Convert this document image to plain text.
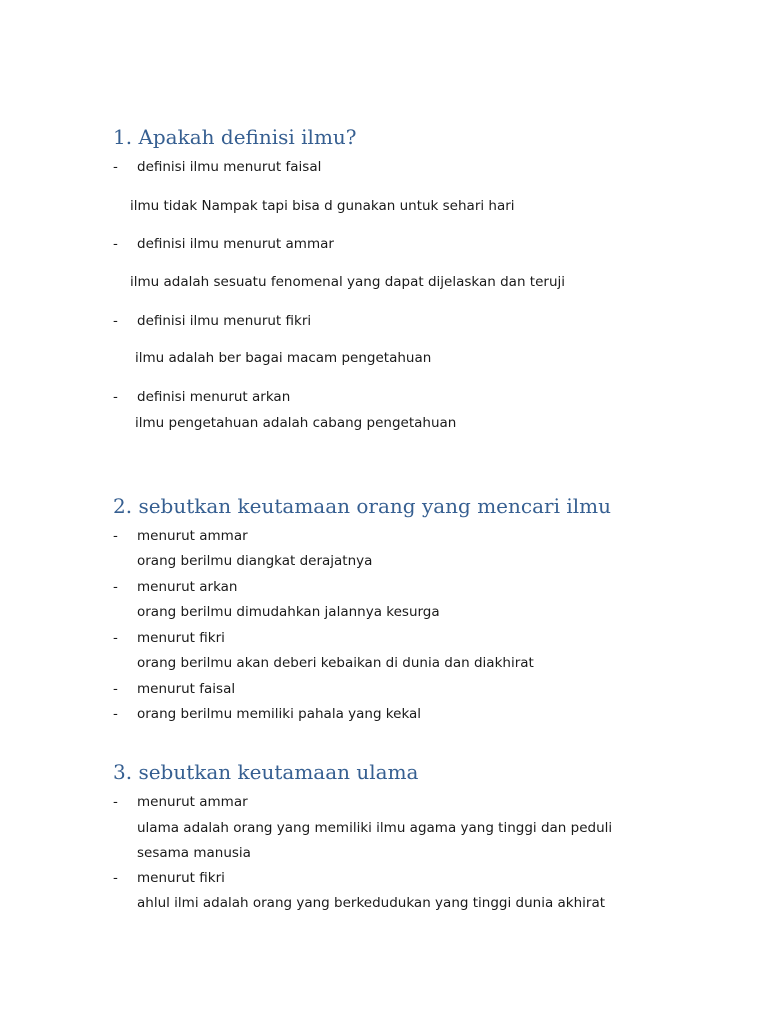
1. Apakah definisi ilmu?
- definisi ilmu menurut faisal
ilmu tidak Nampak tapi bisa d gunakan untuk sehari hari
- definisi ilmu menurut ammar
ilmu adalah sesuatu fenomenal yang dapat dijelaskan dan teruji
- definisi ilmu menurut fikri
ilmu adalah ber bagai macam pengetahuan
- definisi menurut arkan
ilmu pengetahuan adalah cabang pengetahuan
2. sebutkan keutamaan orang yang mencari ilmu
- menurut ammar
orang berilmu diangkat derajatnya
- menurut arkan
orang berilmu dimudahkan jalannya kesurga
- menurut fikri
orang berilmu akan deberi kebaikan di dunia dan diakhirat
- menurut faisal
- orang berilmu memiliki pahala yang kekal
3. sebutkan keutamaan ulama
- menurut ammar
ulama adalah orang yang memiliki ilmu agama yang tinggi dan peduli
sesama manusia
- menurut fikri
ahlul ilmi adalah orang yang berkedudukan yang tinggi dunia akhirat
